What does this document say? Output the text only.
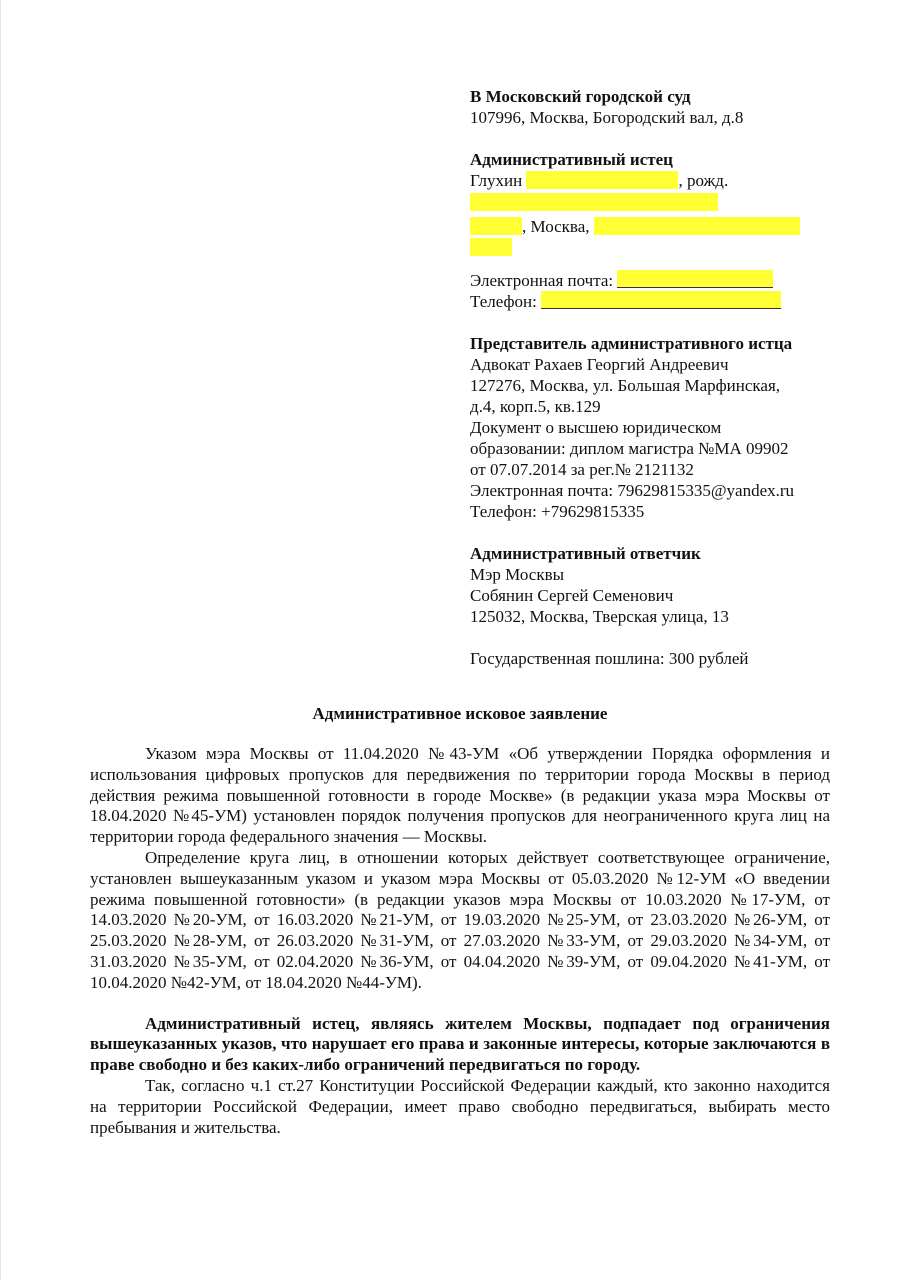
В Московский городской суд
107996, Москва, Богородский вал, д.8
Административный истец
Глухин	, рожд.
, Москва,
Электронная почта:
Телефон:
Представитель административного истца
Адвокат Рахаев Георгий Андреевич
127276, Москва, ул. Большая Марфинская,
д.4, корп.5, кв.129
Документ о высшею юридическом
образовании: диплом магистра №МА 09902
от 07.07.2014 за рег.№ 2121132
Электронная почта: 79629815335@yandex.ru
Телефон: +79629815335
Административный ответчик
Мэр Москвы
Собянин Сергей Семенович
125032, Москва, Тверская улица, 13
Государственная пошлина: 300 рублей
Административное исковое заявление

Указом мэра Москвы от 11.04.2020 №43-УМ «Об утверждении Порядка оформления и использования цифровых пропусков для передвижения по территории города Москвы в период действия режима повышенной готовности в городе Москве» (в редакции указа мэра Москвы от 18.04.2020 №45-УМ) установлен порядок получения пропусков для неограниченного круга лиц на территории города федерального значения — Москвы.

Определение круга лиц, в отношении которых действует соответствующее ограничение, установлен вышеуказанным указом и указом мэра Москвы от 05.03.2020 №12-УМ «О введении режима повышенной готовности» (в редакции указов мэра Москвы от 10.03.2020 №17-УМ, от 14.03.2020 №20-УМ, от 16.03.2020 №21-УМ, от 19.03.2020 №25-УМ, от 23.03.2020 №26-УМ, от 25.03.2020 №28-УМ, от 26.03.2020 №31-УМ, от 27.03.2020 №33-УМ, от 29.03.2020 №34-УМ, от 31.03.2020 №35-УМ, от 02.04.2020 №36-УМ, от 04.04.2020 №39-УМ, от 09.04.2020 №41-УМ, от 10.04.2020 №42-УМ, от 18.04.2020 №44-УМ).

Административный истец, являясь жителем Москвы, подпадает под ограничения вышеуказанных указов, что нарушает его права и законные интересы, которые заключаются в праве свободно и без каких-либо ограничений передвигаться по городу.

Так, согласно ч.1 ст.27 Конституции Российской Федерации каждый, кто законно находится на территории Российской Федерации, имеет право свободно передвигаться, выбирать место пребывания и жительства.
